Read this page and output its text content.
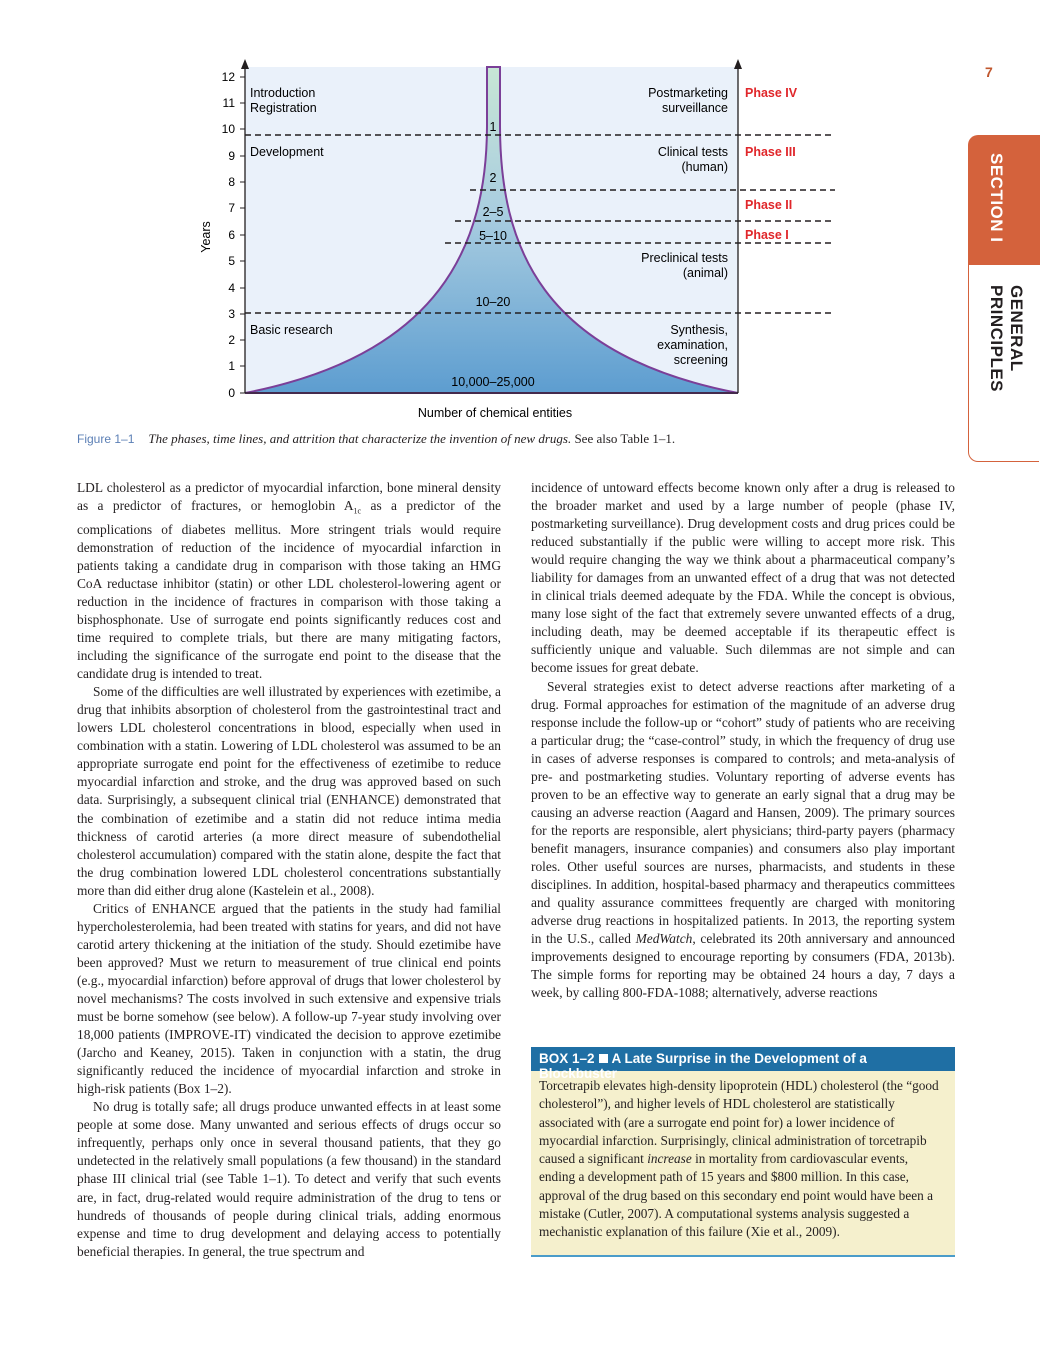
7
SECTION I
GENERAL PRINCIPLES
0
1
2
3
4
5
6
7
8
9
10
11
12
Years
Number of chemical entities
Introduction
Registration
Development
Basic research
Postmarketing
surveillance
Clinical tests
(human)
Preclinical tests
(animal)
Synthesis,
examination,
screening
1
2
2–5
5–10
10–20
10,000–25,000
Phase IV
Phase III
Phase II
Phase I
Figure 1–1 The phases, time lines, and attrition that characterize the invention of new drugs. See also Table 1–1.

LDL cholesterol as a predictor of myocardial infarction, bone mineral density as a predictor of fractures, or hemoglobin $A_{1c}$ as a predictor of the complications of diabetes mellitus. More stringent trials would require demonstration of reduction of the incidence of myocardial infarction in patients taking a candidate drug in comparison with those taking an HMG CoA reductase inhibitor (statin) or other LDL cholesterol-lowering agent or reduction in the incidence of fractures in comparison with those taking a bisphosphonate. Use of surrogate end points significantly reduces cost and time required to complete trials, but there are many mitigating factors, including the significance of the surrogate end point to the disease that the candidate drug is intended to treat.

Some of the difficulties are well illustrated by experiences with ezetimibe, a drug that inhibits absorption of cholesterol from the gastrointestinal tract and lowers LDL cholesterol concentrations in blood, especially when used in combination with a statin. Lowering of LDL cholesterol was assumed to be an appropriate surrogate end point for the effectiveness of ezetimibe to reduce myocardial infarction and stroke, and the drug was approved based on such data. Surprisingly, a subsequent clinical trial (ENHANCE) demonstrated that the combination of ezetimibe and a statin did not reduce intima media thickness of carotid arteries (a more direct measure of subendothelial cholesterol accumulation) compared with the statin alone, despite the fact that the drug combination lowered LDL cholesterol concentrations substantially more than did either drug alone (Kastelein et al., 2008).

Critics of ENHANCE argued that the patients in the study had familial hypercholesterolemia, had been treated with statins for years, and did not have carotid artery thickening at the initiation of the study. Should ezetimibe have been approved? Must we return to measurement of true clinical end points (e.g., myocardial infarction) before approval of drugs that lower cholesterol by novel mechanisms? The costs involved in such extensive and expensive trials must be borne somehow (see below). A follow-up 7-year study involving over 18,000 patients (IMPROVE-IT) vindicated the decision to approve ezetimibe (Jarcho and Keaney, 2015). Taken in conjunction with a statin, the drug significantly reduced the incidence of myocardial infarction and stroke in high-risk patients (Box 1–2).

No drug is totally safe; all drugs produce unwanted effects in at least some people at some dose. Many unwanted and serious effects of drugs occur so infrequently, perhaps only once in several thousand patients, that they go undetected in the relatively small populations (a few thousand) in the standard phase III clinical trial (see Table 1–1). To detect and verify that such events are, in fact, drug-related would require administration of the drug to tens or hundreds of thousands of people during clinical trials, adding enormous expense and time to drug development and delaying access to potentially beneficial therapies. In general, the true spectrum and

incidence of untoward effects become known only after a drug is released to the broader market and used by a large number of people (phase IV, postmarketing surveillance). Drug development costs and drug prices could be reduced substantially if the public were willing to accept more risk. This would require changing the way we think about a pharmaceutical company’s liability for damages from an unwanted effect of a drug that was not detected in clinical trials deemed adequate by the FDA. While the concept is obvious, many lose sight of the fact that extremely severe unwanted effects of a drug, including death, may be deemed acceptable if its therapeutic effect is sufficiently unique and valuable. Such dilemmas are not simple and can become issues for great debate.

Several strategies exist to detect adverse reactions after marketing of a drug. Formal approaches for estimation of the magnitude of an adverse drug response include the follow-up or “cohort” study of patients who are receiving a particular drug; the “case-control” study, in which the frequency of drug use in cases of adverse responses is compared to controls; and meta-analysis of pre- and postmarketing studies. Voluntary reporting of adverse events has proven to be an effective way to generate an early signal that a drug may be causing an adverse reaction (Aagard and Hansen, 2009). The primary sources for the reports are responsible, alert physicians; third-party payers (pharmacy benefit managers, insurance companies) and consumers also play important roles. Other useful sources are nurses, pharmacists, and students in these disciplines. In addition, hospital-based pharmacy and therapeutics committees and quality assurance committees frequently are charged with monitoring adverse drug reactions in hospitalized patients. In 2013, the reporting system in the U.S., called MedWatch, celebrated its 20th anniversary and announced improvements designed to encourage reporting by consumers (FDA, 2013b). The simple forms for reporting may be obtained 24 hours a day, 7 days a week, by calling 800-FDA-1088; alternatively, adverse reactions

BOX 1–2 A Late Surprise in the Development of a Blockbuster
Torcetrapib elevates high-density lipoprotein (HDL) cholesterol (the “good cholesterol”), and higher levels of HDL cholesterol are statistically associated with (are a surrogate end point for) a lower incidence of myocardial infarction. Surprisingly, clinical administration of torcetrapib caused a significant increase in mortality from cardiovascular events, ending a development path of 15 years and $800 million. In this case, approval of the drug based on this secondary end point would have been a mistake (Cutler, 2007). A computational systems analysis suggested a mechanistic explanation of this failure (Xie et al., 2009).
